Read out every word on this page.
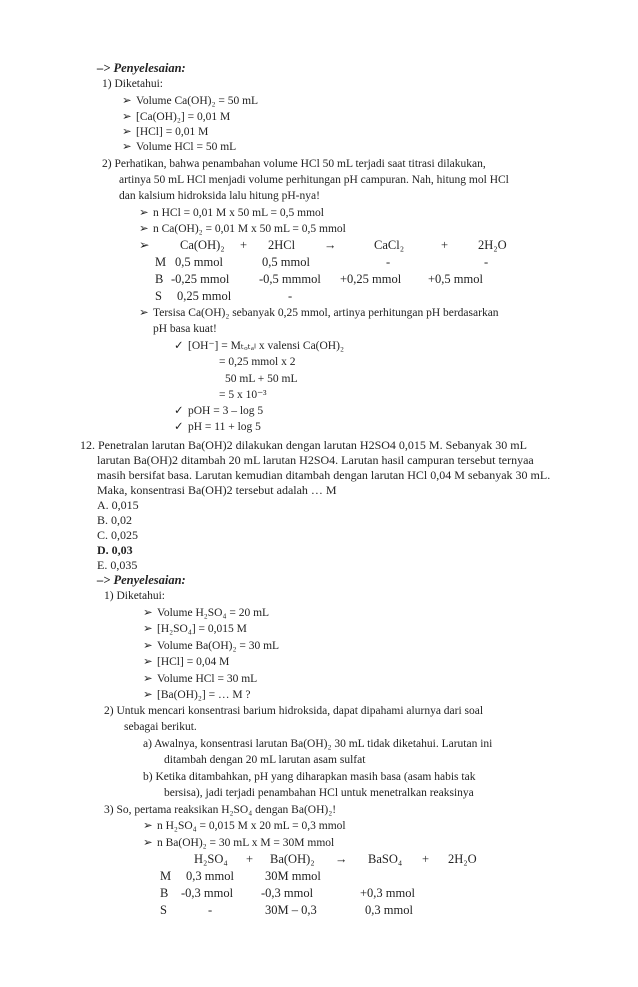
–> Penyelesaian:
1) Diketahui:
➢ Volume Ca(OH)₂ = 50 mL
➢ [Ca(OH)₂] = 0,01 M
➢ [HCl] = 0,01 M
➢ Volume HCl = 50 mL
2) Perhatikan, bahwa penambahan volume HCl 50 mL terjadi saat titrasi dilakukan,
artinya 50 mL HCl menjadi volume perhitungan pH campuran. Nah, hitung mol HCl
dan kalsium hidroksida lalu hitung pH-nya!
➢ n HCl = 0,01 M x 50 mL = 0,5 mmol
➢ n Ca(OH)₂ = 0,01 M x 50 mL = 0,5 mmol
➢ Ca(OH)₂ + 2HCl →	CaCl₂	+ 2H₂O
M 0,5 mmol	0,5 mmol	-	-
B -0,25 mmol -0,5 mmmol +0,25 mmol +0,5 mmol
S 0,25 mmol	-
➢ Tersisa Ca(OH)₂ sebanyak 0,25 mmol, artinya perhitungan pH berdasarkan
pH basa kuat!
✓ [OH⁻] = Mₜₒₜₐₗ x valensi Ca(OH)₂
= 0,25 mmol x 2
50 mL + 50 mL
= 5 x 10⁻³
✓ pOH = 3 – log 5
✓ pH = 11 + log 5
12. Penetralan larutan Ba(OH)2 dilakukan dengan larutan H2SO4 0,015 M. Sebanyak 30 mL
larutan Ba(OH)2 ditambah 20 mL larutan H2SO4. Larutan hasil campuran tersebut ternyaa
masih bersifat basa. Larutan kemudian ditambah dengan larutan HCl 0,04 M sebanyak 30 mL.
Maka, konsentrasi Ba(OH)2 tersebut adalah … M
A. 0,015
B. 0,02
C. 0,025
D. 0,03
E. 0,035
–> Penyelesaian:
1) Diketahui:
➢ Volume H₂SO₄ = 20 mL
➢ [H₂SO₄] = 0,015 M
➢ Volume Ba(OH)₂ = 30 mL
➢ [HCl] = 0,04 M
➢ Volume HCl = 30 mL
➢ [Ba(OH)₂] = … M ?
2) Untuk mencari konsentrasi barium hidroksida, dapat dipahami alurnya dari soal
sebagai berikut.
a) Awalnya, konsentrasi larutan Ba(OH)₂ 30 mL tidak diketahui. Larutan ini
ditambah dengan 20 mL larutan asam sulfat
b) Ketika ditambahkan, pH yang diharapkan masih basa (asam habis tak
bersisa), jadi terjadi penambahan HCl untuk menetralkan reaksinya
3) So, pertama reaksikan H₂SO₄ dengan Ba(OH)₂!
➢ n H₂SO₄ = 0,015 M x 20 mL = 0,3 mmol
➢ n Ba(OH)₂ = 30 mL x M = 30M mmol
H₂SO₄ + Ba(OH)₂ → BaSO₄ + 2H₂O
M 0,3 mmol 30M mmol
B -0,3 mmol -0,3 mmol	+0,3 mmol
S	-	30M – 0,3	0,3 mmol
